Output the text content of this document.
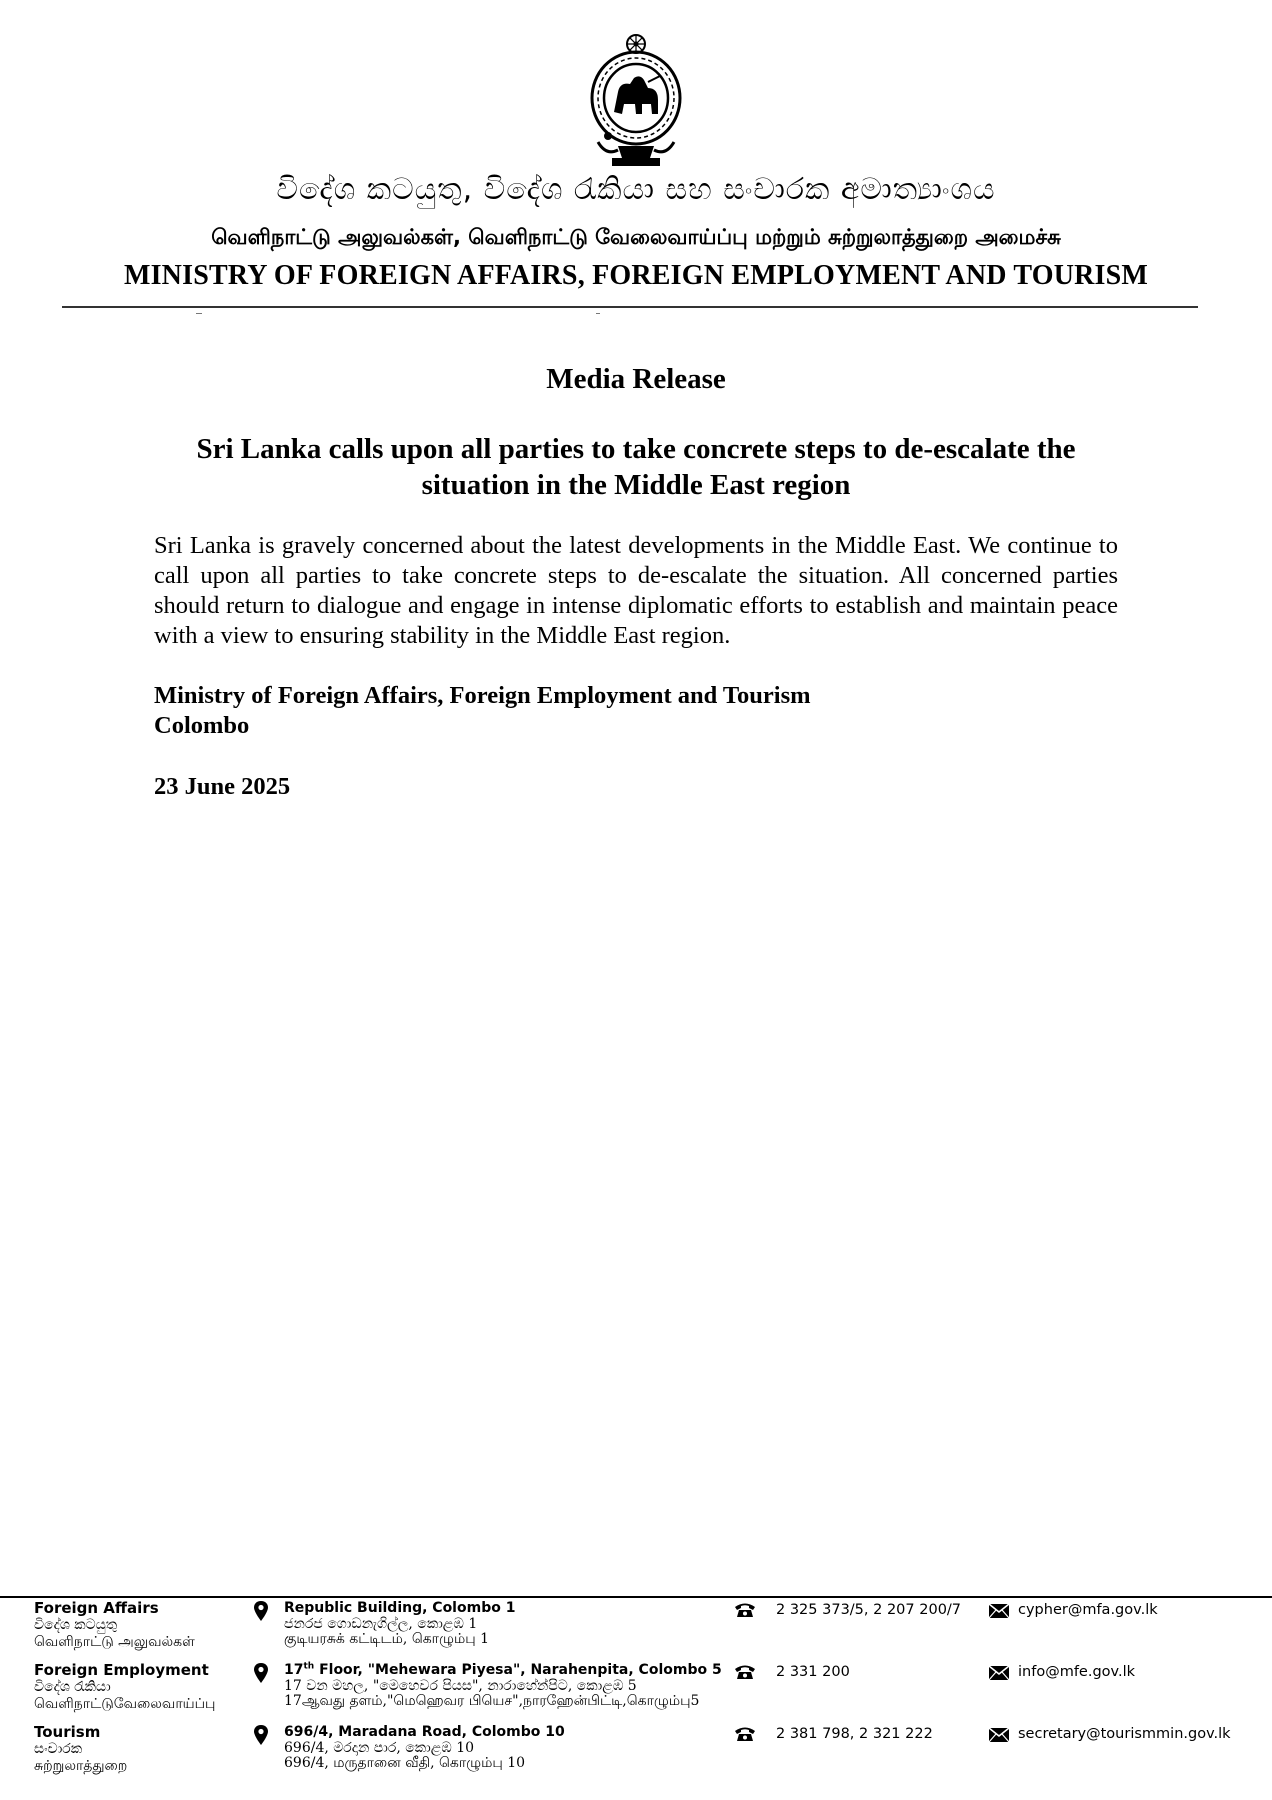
විදේශ කටයුතු, විදේශ රැකියා සහ සංචාරක අමාත්‍යාංශය
வெளிநாட்டு அலுவல்கள், வெளிநாட்டு வேலைவாய்ப்பு மற்றும் சுற்றுலாத்துறை அமைச்சு
MINISTRY OF FOREIGN AFFAIRS, FOREIGN EMPLOYMENT AND TOURISM
Media Release
Sri Lanka calls upon all parties to take concrete steps to de-escalate the situation in the Middle East region
Sri Lanka is gravely concerned about the latest developments in the Middle East. We continue to call upon all parties to take concrete steps to de-escalate the situation. All concerned parties should return to dialogue and engage in intense diplomatic efforts to establish and maintain peace with a view to ensuring stability in the Middle East region.
Ministry of Foreign Affairs, Foreign Employment and Tourism
Colombo
23 June 2025
Foreign Affairs
විදේශ කටයුතු
வெளிநாட்டு அலுவல்கள்
Republic Building, Colombo 1
ජනරජ ගොඩනැගිල්ල, කොළඹ 1
குடியரசுக் கட்டிடம், கொழும்பு 1
2 325 373/5, 2 207 200/7	cypher@mfa.gov.lk
Foreign Employment
විදේශ රැකියා
வெளிநாட்டுவேலைவாய்ப்பு
17th Floor, "Mehewara Piyesa", Narahenpita, Colombo 5
17 වන මහල, "මෙහෙවර පියස", නාරාහේන්පිට, කොළඹ 5
17ஆவது தளம்,"மெஹெவர பியெச",நாரஹேன்பிட்டி,கொழும்பு5
2 331 200	info@mfe.gov.lk
Tourism
සංචාරක
சுற்றுலாத்துறை
696/4, Maradana Road, Colombo 10
696/4, මරදාන පාර, කොළඹ 10
696/4, மருதானை வீதி, கொழும்பு 10
2 381 798, 2 321 222	secretary@tourismmin.gov.lk
